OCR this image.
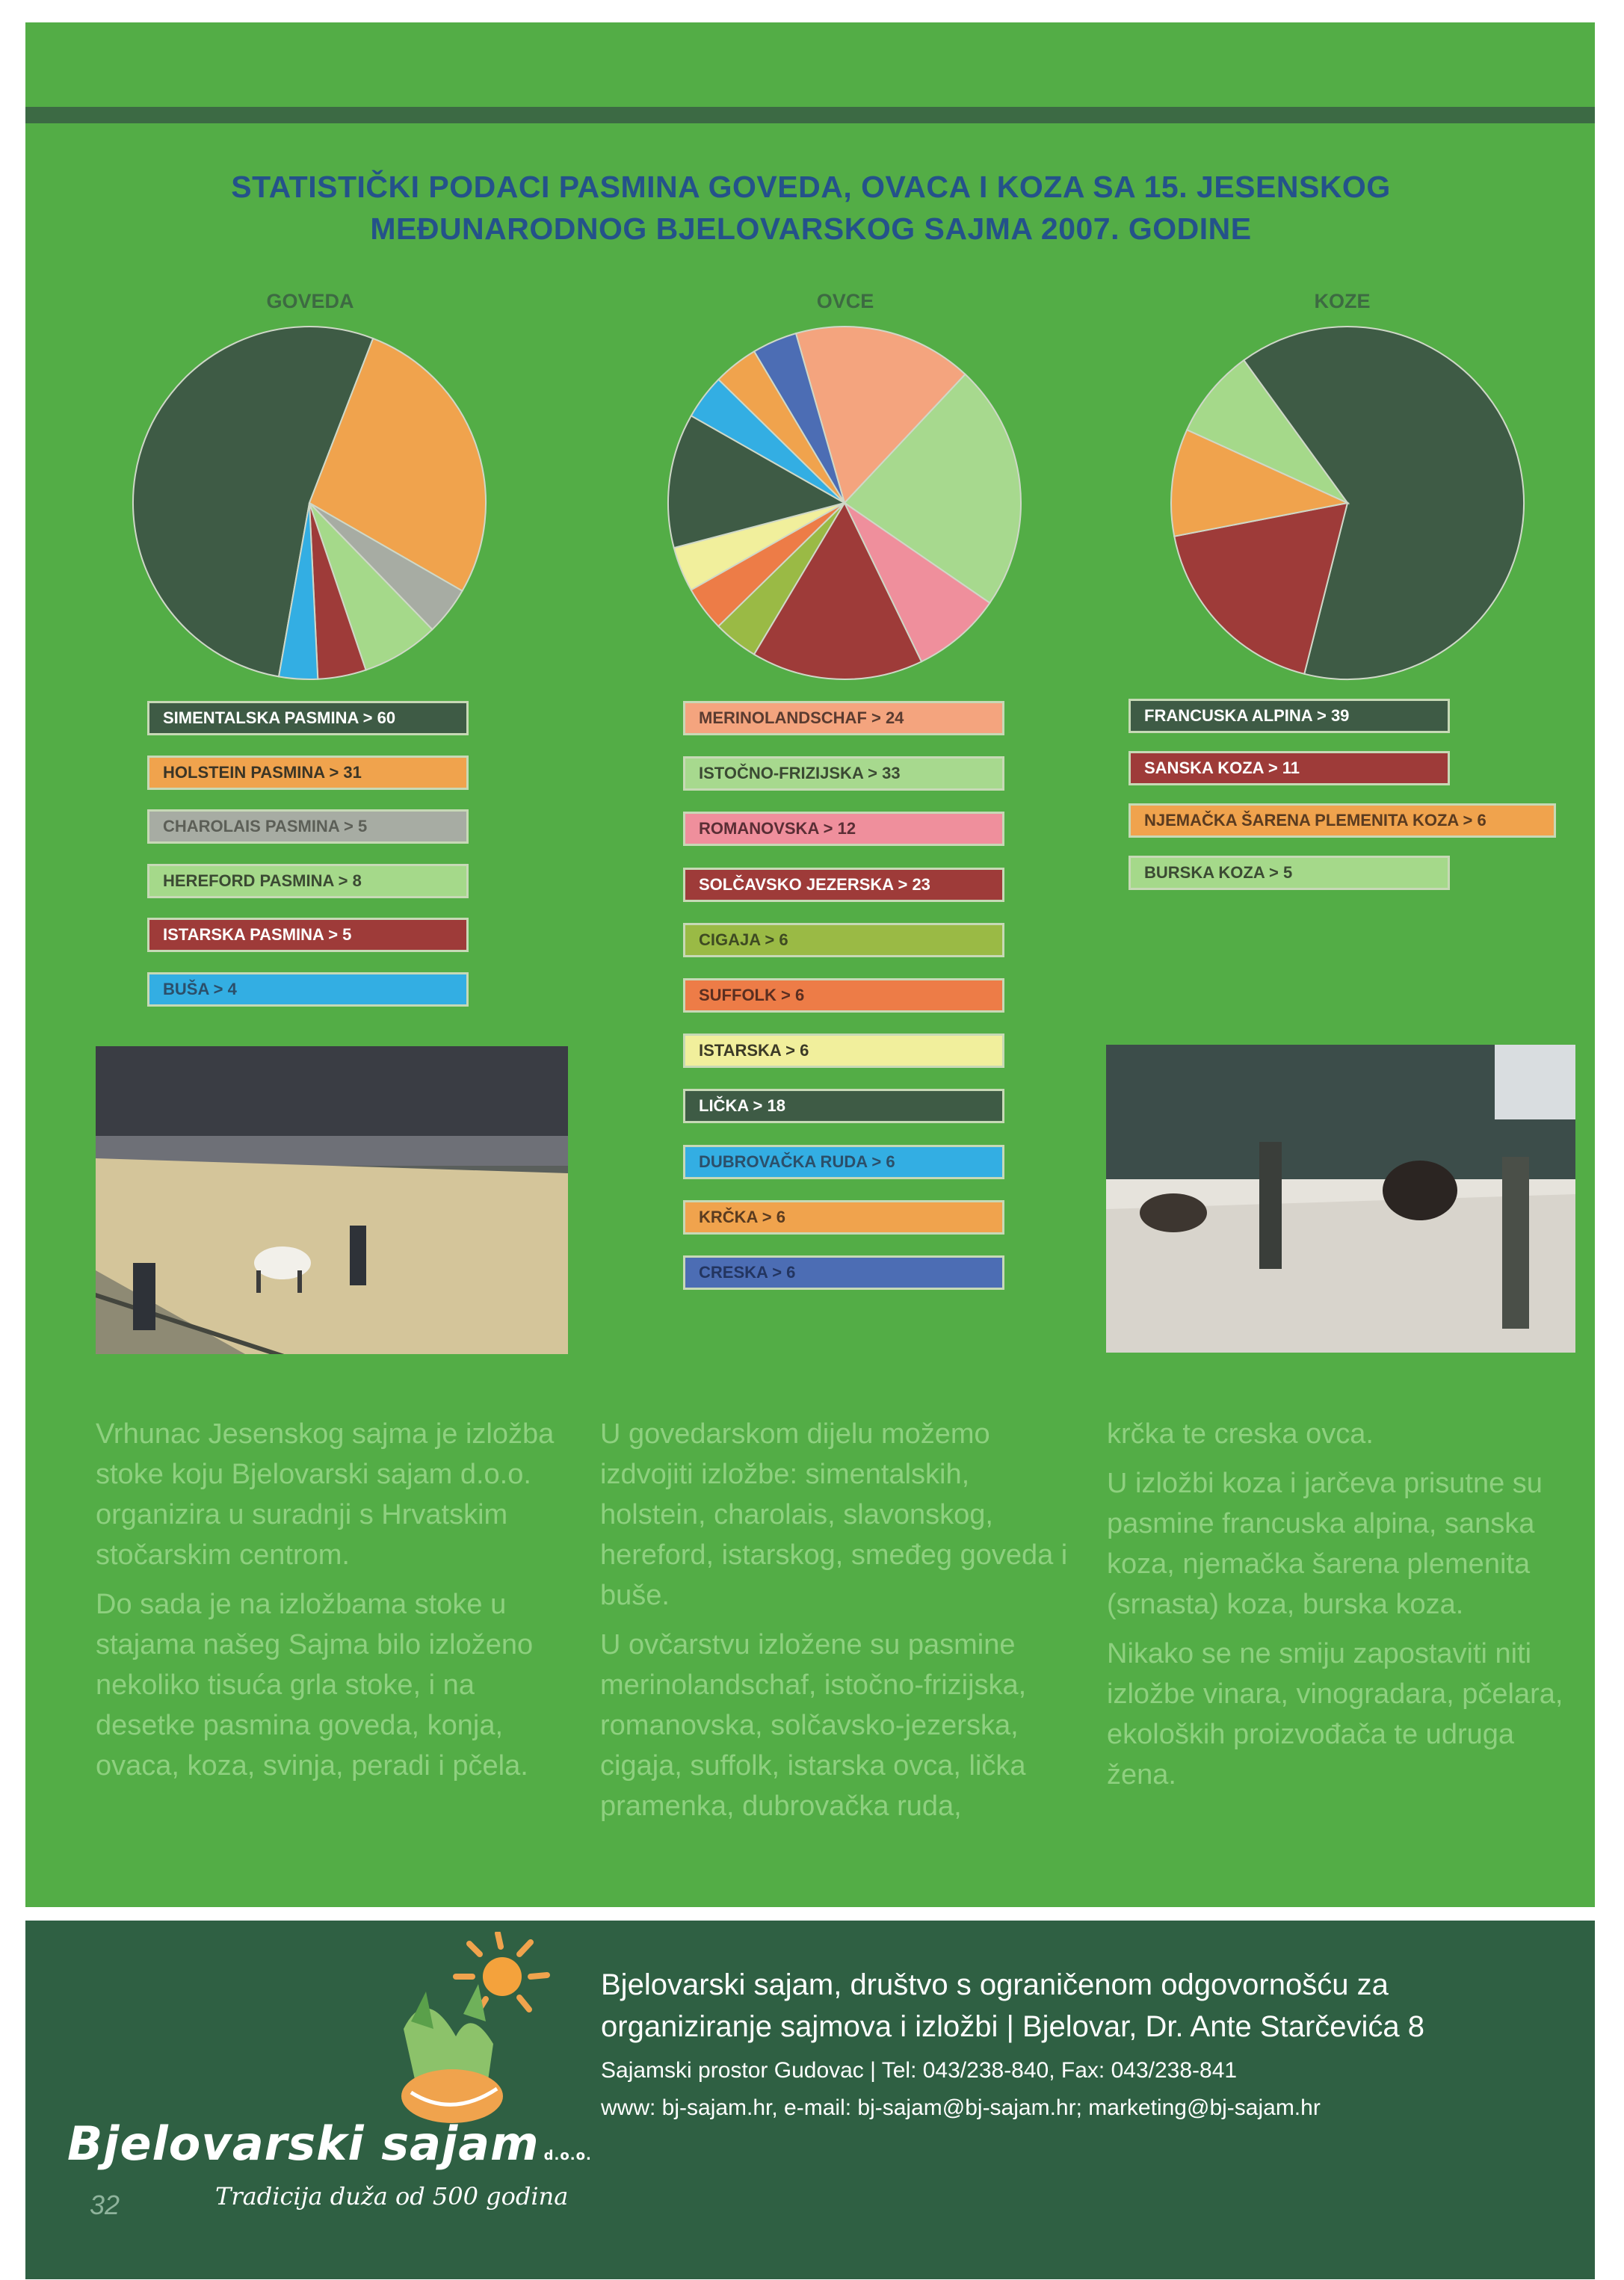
STATISTIČKI PODACI PASMINA GOVEDA, OVACA I KOZA SA 15. JESENSKOG
MEĐUNARODNOG BJELOVARSKOG SAJMA 2007. GODINE
GOVEDA	OVCE	KOZE
SIMENTALSKA PASMINA > 60
HOLSTEIN PASMINA > 31
CHAROLAIS PASMINA > 5
HEREFORD PASMINA > 8
ISTARSKA PASMINA > 5
BUŠA > 4
MERINOLANDSCHAF > 24
ISTOČNO-FRIZIJSKA > 33
ROMANOVSKA > 12
SOLČAVSKO JEZERSKA > 23
CIGAJA > 6
SUFFOLK > 6
ISTARSKA > 6
LIČKA > 18
DUBROVAČKA RUDA > 6
KRČKA > 6
CRESKA > 6
FRANCUSKA ALPINA > 39
SANSKA KOZA > 11
NJEMAČKA ŠARENA PLEMENITA KOZA > 6
BURSKA KOZA > 5

Vrhunac Jesenskog sajma je izložba stoke koju Bjelovarski sajam d.o.o. organizira u suradnji s Hrvatskim stočarskim centrom.

Do sada je na izložbama stoke u stajama našeg Sajma bilo izloženo nekoliko tisuća grla stoke, i na desetke pasmina goveda, konja, ovaca, koza, svinja, peradi i pčela.

U govedarskom dijelu možemo izdvojiti izložbe: simentalskih, holstein, charolais, slavonskog, hereford, istarskog, smeđeg goveda i buše.

U ovčarstvu izložene su pasmine merinolandschaf, istočno-frizijska, romanovska, solčavsko-jezerska, cigaja, suffolk, istarska ovca, lička pramenka, dubrovačka ruda,

krčka te creska ovca.

U izložbi koza i jarčeva prisutne su pasmine francuska alpina, sanska koza, njemačka šarena plemenita (srnasta) koza, burska koza.

Nikako se ne smiju zapostaviti niti izložbe vinara, vinogradara, pčelara, ekoloških proizvođača te udruga žena.

Bjelovarski sajam d.o.o.
Tradicija duža od 500 godina
32
Bjelovarski sajam, društvo s ograničenom odgovornošću za
organiziranje sajmova i izložbi | Bjelovar, Dr. Ante Starčevića 8
Sajamski prostor Gudovac | Tel: 043/238-840, Fax: 043/238-841
www: bj-sajam.hr, e-mail: bj-sajam@bj-sajam.hr; marketing@bj-sajam.hr
